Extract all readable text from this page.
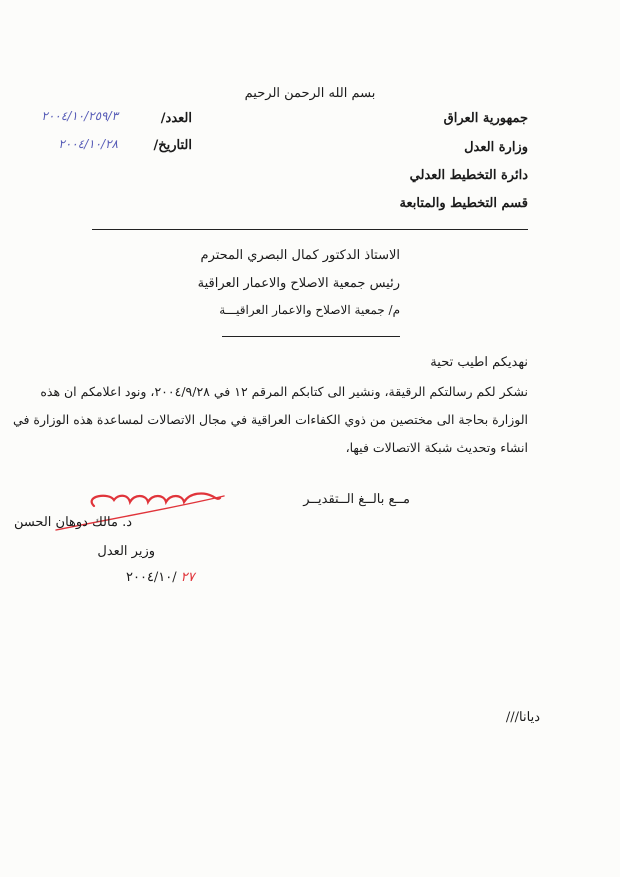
بسم الله الرحمن الرحيم
جمهورية العراق
وزارة العدل
دائرة التخطيط العدلي
قسم التخطيط والمتابعة
العدد/
٢٠٠٤/١٠/٢٥٩/٣
التاريخ/
٢٠٠٤/١٠/٢٨
الاستاذ الدكتور كمال البصري المحترم
رئيس جمعية الاصلاح والاعمار العراقية
م/ جمعية الاصلاح والاعمار العراقيـــة
نهديكم اطيب تحية
نشكر لكم رسالتكم الرقيقة، ونشير الى كتابكم المرقم ١٢ في ٢٠٠٤/٩/٢٨، ونود اعلامكم ان هذه
الوزارة بحاجة الى مختصين من ذوي الكفاءات العراقية في مجال الاتصالات لمساعدة هذه الوزارة في
انشاء وتحديث شبكة الاتصالات فيها،
مــع بالــغ الــتقديــر
د. مالك دوهان الحسن
وزير العدل
٢٠٠٤/١٠/ ٢٧
ديانا///
